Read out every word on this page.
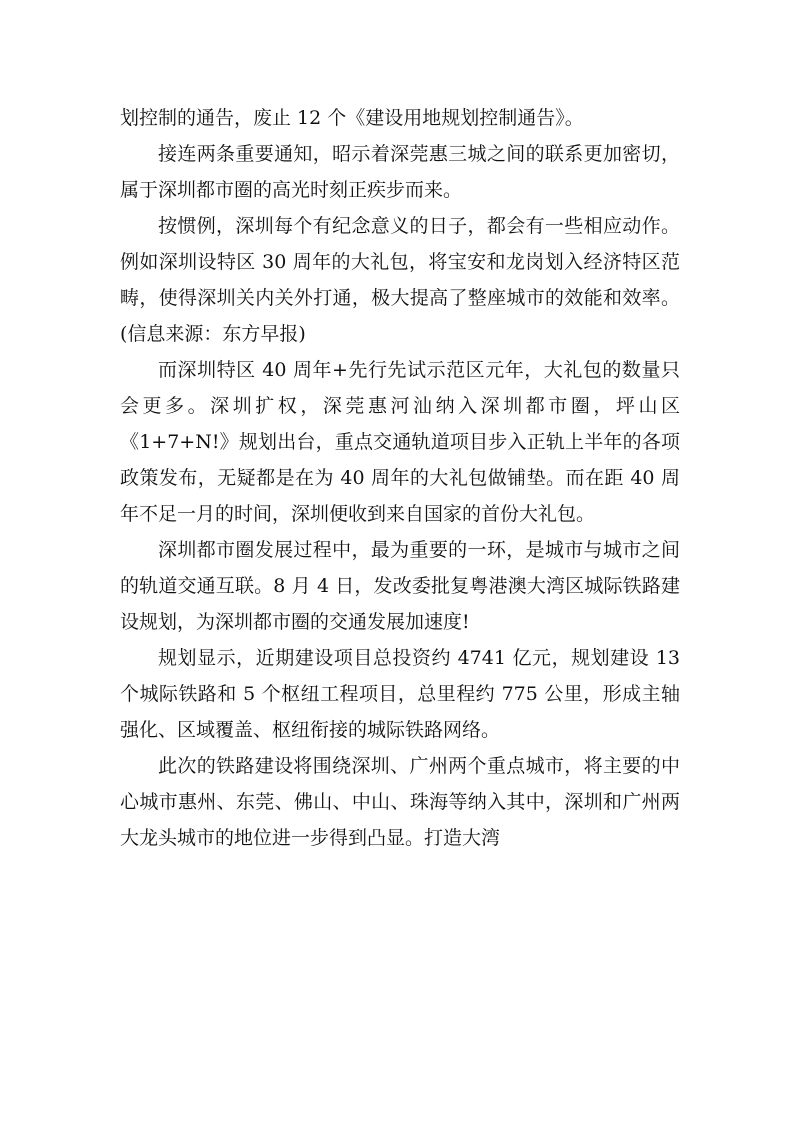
划控制的通告，废止 12 个《建设用地规划控制通告》。

接连两条重要通知，昭示着深莞惠三城之间的联系更加密切，属于深圳都市圈的高光时刻正疾步而来。

按惯例，深圳每个有纪念意义的日子，都会有一些相应动作。例如深圳设特区 30 周年的大礼包，将宝安和龙岗划入经济特区范畴，使得深圳关内关外打通，极大提高了整座城市的效能和效率。(信息来源：东方早报)

而深圳特区 40 周年+先行先试示范区元年，大礼包的数量只会更多。深圳扩权，深莞惠河汕纳入深圳都市圈，坪山区《1+7+N!》规划出台，重点交通轨道项目步入正轨上半年的各项政策发布，无疑都是在为 40 周年的大礼包做铺垫。而在距 40 周年不足一月的时间，深圳便收到来自国家的首份大礼包。

深圳都市圈发展过程中，最为重要的一环，是城市与城市之间的轨道交通互联。8 月 4 日，发改委批复粤港澳大湾区城际铁路建设规划，为深圳都市圈的交通发展加速度!

规划显示，近期建设项目总投资约 4741 亿元，规划建设 13 个城际铁路和 5 个枢纽工程项目，总里程约 775 公里，形成主轴强化、区域覆盖、枢纽衔接的城际铁路网络。

此次的铁路建设将围绕深圳、广州两个重点城市，将主要的中心城市惠州、东莞、佛山、中山、珠海等纳入其中，深圳和广州两大龙头城市的地位进一步得到凸显。打造大湾
